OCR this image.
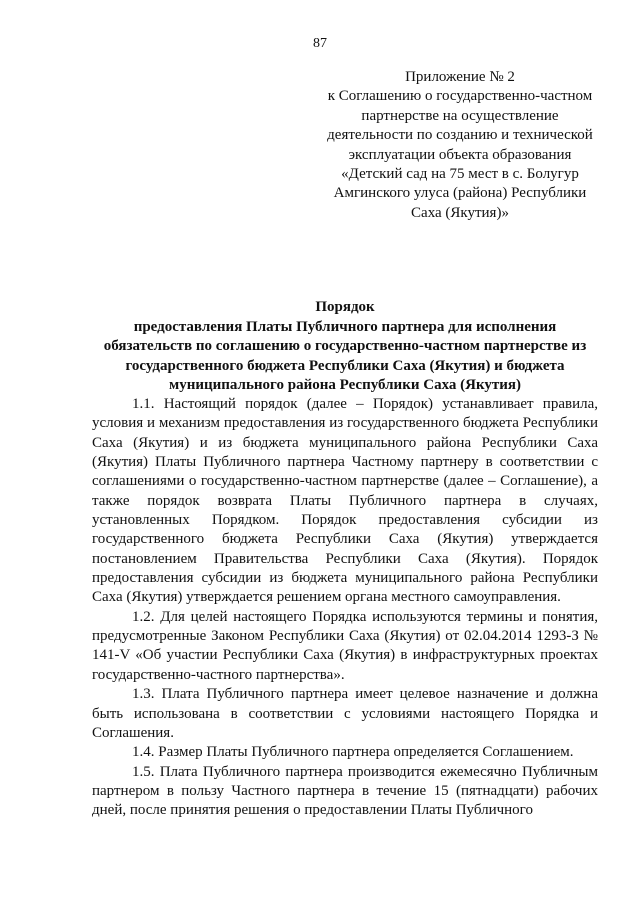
87
Приложение № 2
к Соглашению о государственно-частном
партнерстве на осуществление
деятельности по созданию и технической
эксплуатации объекта образования
«Детский сад на 75 мест в с. Болугур
Амгинского улуса (района) Республики
Саха (Якутия)»
Порядок
предоставления Платы Публичного партнера для исполнения
обязательств по соглашению о государственно-частном партнерстве из
государственного бюджета Республики Саха (Якутия) и бюджета
муниципального района Республики Саха (Якутия)

1.1. Настоящий порядок (далее – Порядок) устанавливает правила, условия и механизм предоставления из государственного бюджета Республики Саха (Якутия) и из бюджета муниципального района Республики Саха (Якутия) Платы Публичного партнера Частному партнеру в соответствии с соглашениями о государственно-частном партнерстве (далее – Соглашение), а также порядок возврата Платы Публичного партнера в случаях, установленных Порядком. Порядок предоставления субсидии из государственного бюджета Республики Саха (Якутия) утверждается постановлением Правительства Республики Саха (Якутия). Порядок предоставления субсидии из бюджета муниципального района Республики Саха (Якутия) утверждается решением органа местного самоуправления.

1.2. Для целей настоящего Порядка используются термины и понятия, предусмотренные Законом Республики Саха (Якутия) от 02.04.2014 1293-З № 141-V «Об участии Республики Саха (Якутия) в инфраструктурных проектах государственно-частного партнерства».

1.3. Плата Публичного партнера имеет целевое назначение и должна быть использована в соответствии с условиями настоящего Порядка и Соглашения.

1.4. Размер Платы Публичного партнера определяется Соглашением.

1.5. Плата Публичного партнера производится ежемесячно Публичным партнером в пользу Частного партнера в течение 15 (пятнадцати) рабочих дней, после принятия решения о предоставлении Платы Публичного
